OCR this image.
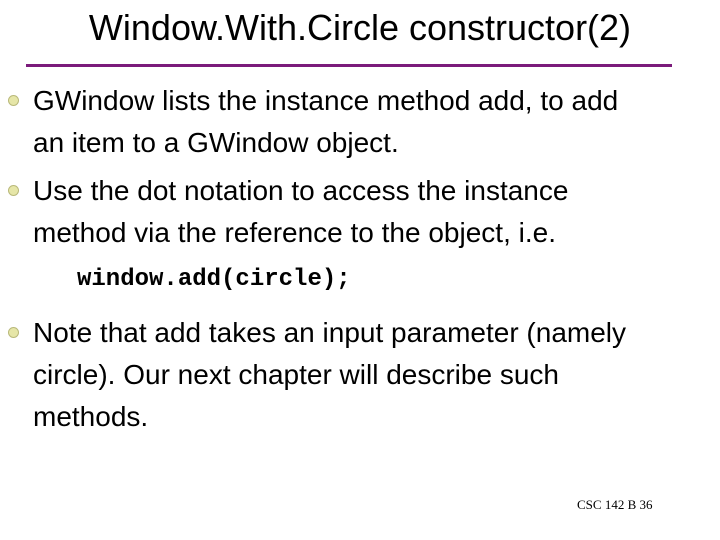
Window.With.Circle constructor(2)
GWindow lists the instance method add, to add
an item to a GWindow object.
Use the dot notation to access the instance
method via the reference to the object, i.e.
window.add(circle);
Note that add takes an input parameter (namely
circle). Our next chapter will describe such
methods.
CSC 142 B 36
